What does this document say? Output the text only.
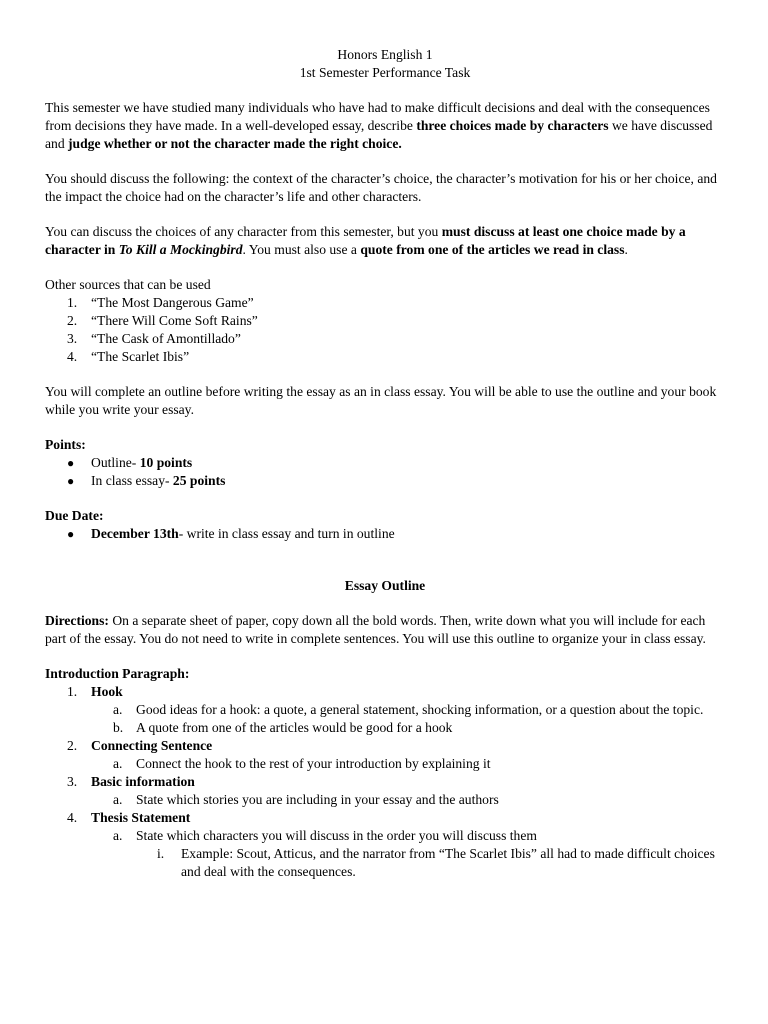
Honors English 1

1st Semester Performance Task

This semester we have studied many individuals who have had to make difficult decisions and deal with the consequences from decisions they have made. In a well-developed essay, describe three choices made by characters we have discussed and judge whether or not the character made the right choice.

You should discuss the following: the context of the character’s choice, the character’s motivation for his or her choice, and the impact the choice had on the character’s life and other characters.

You can discuss the choices of any character from this semester, but you must discuss at least one choice made by a character in To Kill a Mockingbird. You must also use a quote from one of the articles we read in class.

Other sources that can be used

1. “The Most Dangerous Game”
2. “There Will Come Soft Rains”
3. “The Cask of Amontillado”
4. “The Scarlet Ibis”

You will complete an outline before writing the essay as an in class essay. You will be able to use the outline and your book while you write your essay.

Points:

● Outline- 10 points
● In class essay- 25 points

Due Date:

● December 13th- write in class essay and turn in outline

Essay Outline

Directions: On a separate sheet of paper, copy down all the bold words. Then, write down what you will include for each part of the essay. You do not need to write in complete sentences. You will use this outline to organize your in class essay.

Introduction Paragraph:

1. Hook
a. Good ideas for a hook: a quote, a general statement, shocking information, or a question about the topic.
b. A quote from one of the articles would be good for a hook
2. Connecting Sentence
a. Connect the hook to the rest of your introduction by explaining it
3. Basic information
a. State which stories you are including in your essay and the authors
4. Thesis Statement
a. State which characters you will discuss in the order you will discuss them
i. Example: Scout, Atticus, and the narrator from “The Scarlet Ibis” all had to made difficult choices and deal with the consequences.
